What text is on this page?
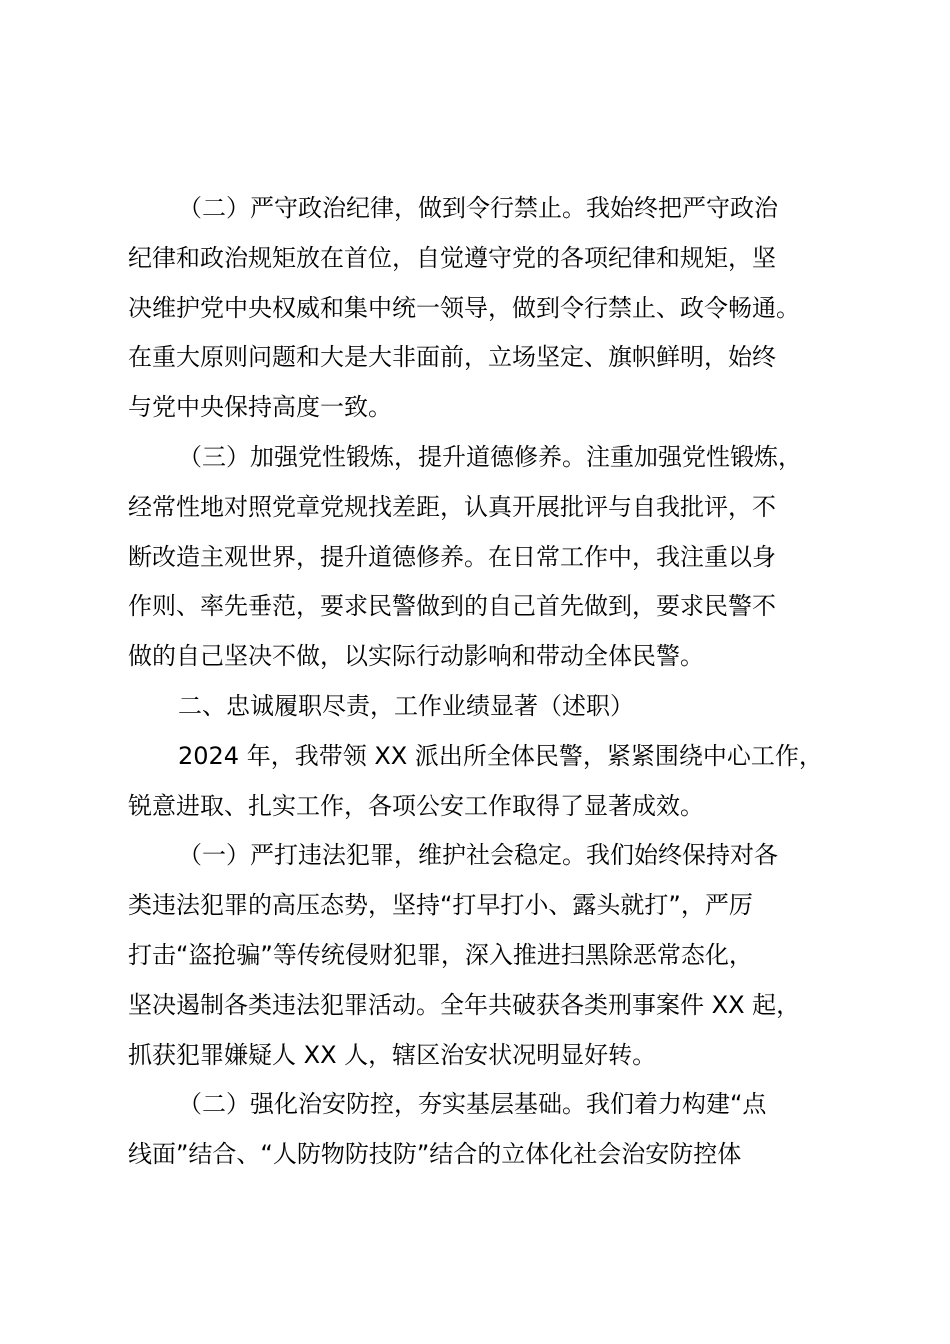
（二）严守政治纪律，做到令行禁止。我始终把严守政治
纪律和政治规矩放在首位，自觉遵守党的各项纪律和规矩，坚
决维护党中央权威和集中统一领导，做到令行禁止、政令畅通。
在重大原则问题和大是大非面前，立场坚定、旗帜鲜明，始终
与党中央保持高度一致。
（三）加强党性锻炼，提升道德修养。注重加强党性锻炼，
经常性地对照党章党规找差距，认真开展批评与自我批评，不
断改造主观世界，提升道德修养。在日常工作中，我注重以身
作则、率先垂范，要求民警做到的自己首先做到，要求民警不
做的自己坚决不做，以实际行动影响和带动全体民警。
二、忠诚履职尽责，工作业绩显著（述职）
2024 年，我带领 XX 派出所全体民警，紧紧围绕中心工作，
锐意进取、扎实工作，各项公安工作取得了显著成效。
（一）严打违法犯罪，维护社会稳定。我们始终保持对各
类违法犯罪的高压态势，坚持“打早打小、露头就打”，严厉
打击“盗抢骗”等传统侵财犯罪，深入推进扫黑除恶常态化，
坚决遏制各类违法犯罪活动。全年共破获各类刑事案件 XX 起，
抓获犯罪嫌疑人 XX 人，辖区治安状况明显好转。
（二）强化治安防控，夯实基层基础。我们着力构建“点
线面”结合、“人防物防技防”结合的立体化社会治安防控体
